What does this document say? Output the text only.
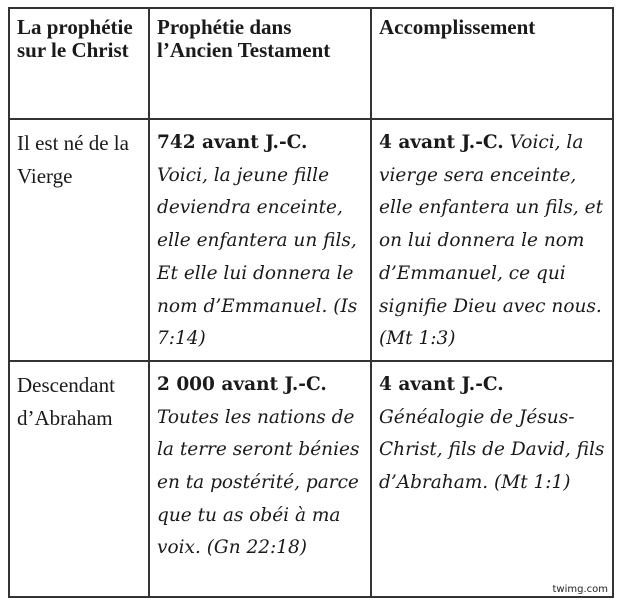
La prophétie sur le Christ	Prophétie dans l’Ancien Testament	Accomplissement
Il est né de la Vierge	742 avant J.-C. Voici, la jeune fille deviendra enceinte, elle enfantera un fils, Et elle lui donnera le nom d’Emmanuel. (Is 7:14)	4 avant J.-C. Voici, la vierge sera enceinte, elle enfantera un fils, et on lui donnera le nom d’Emmanuel, ce qui signifie Dieu avec nous. (Mt 1:3)
Descendant d’Abraham	2 000 avant J.-C. Toutes les nations de la terre seront bénies en ta postérité, parce que tu as obéi à ma voix. (Gn 22:18)	4 avant J.-C. Généalogie de Jésus-Christ, fils de David, fils d’Abraham. (Mt 1:1)
twimg.com
